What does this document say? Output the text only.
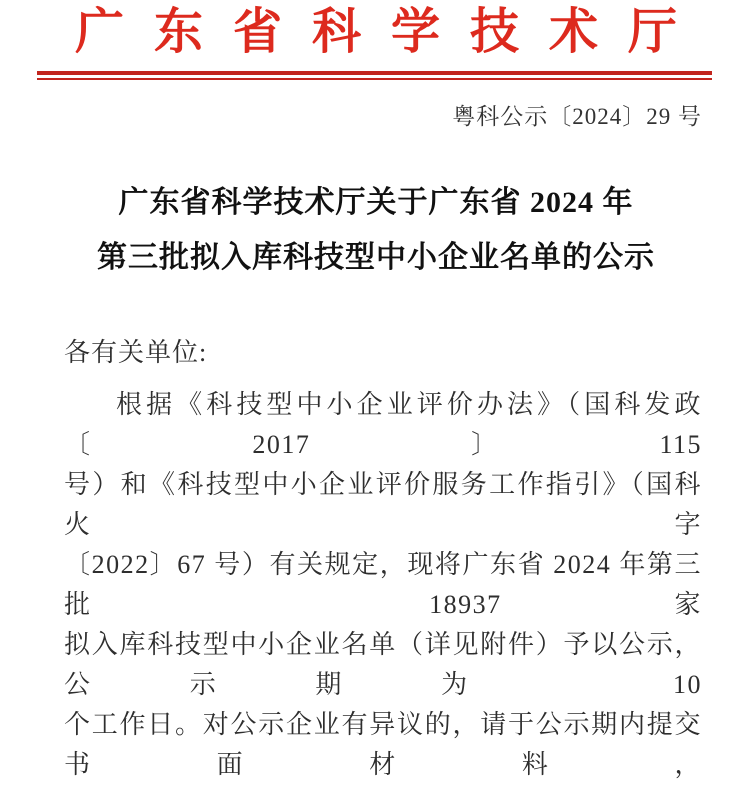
广东省科学技术厅
粤科公示〔2024〕29 号
广东省科学技术厅关于广东省 2024 年
第三批拟入库科技型中小企业名单的公示
各有关单位:
根据《科技型中小企业评价办法》（国科发政〔2017〕115
号）和《科技型中小企业评价服务工作指引》（国科火字
〔2022〕67 号）有关规定，现将广东省 2024 年第三批 18937 家
拟入库科技型中小企业名单（详见附件）予以公示，公示期为 10
个工作日。对公示企业有异议的，请于公示期内提交书面材料，
